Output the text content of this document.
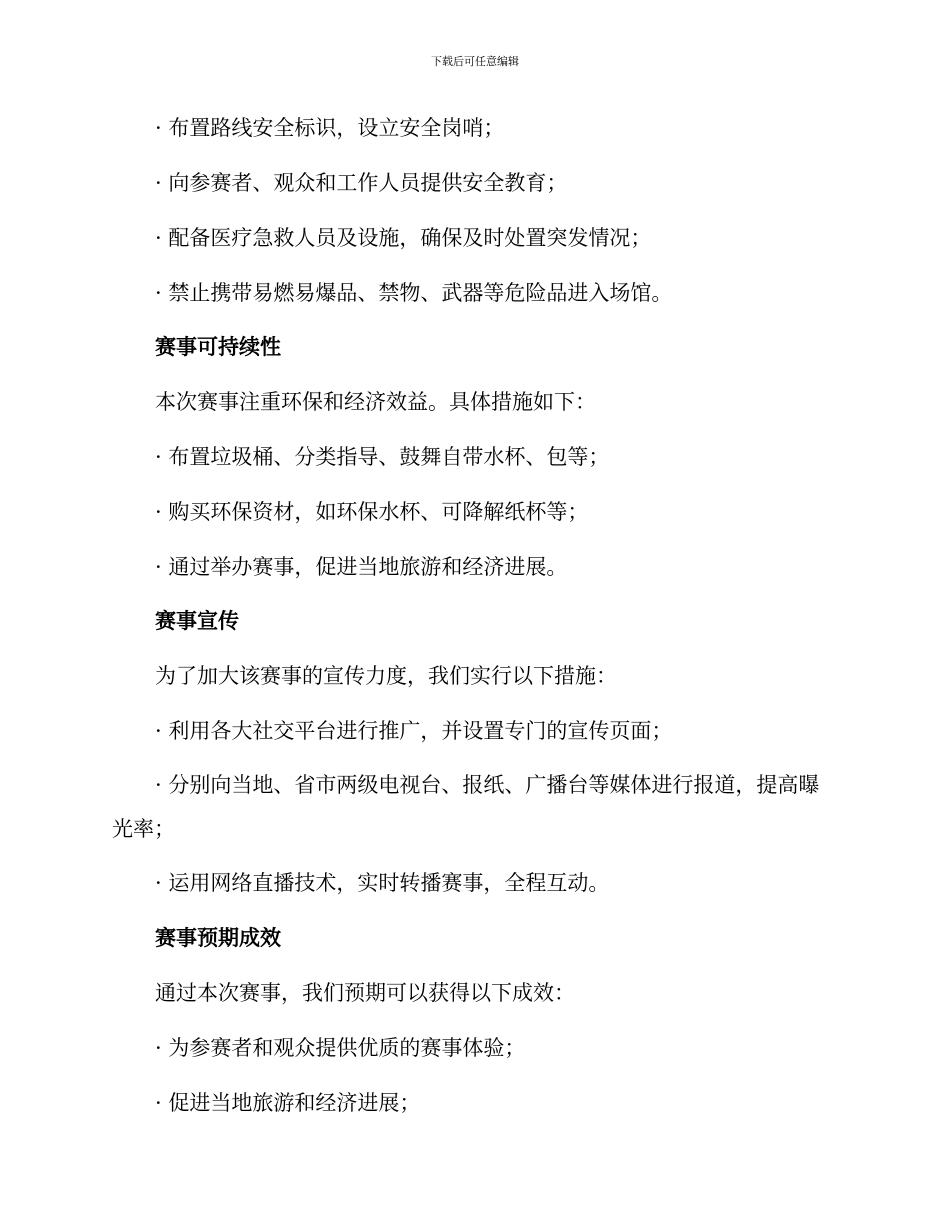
下载后可任意编辑
· 布置路线安全标识，设立安全岗哨；
· 向参赛者、观众和工作人员提供安全教育；
· 配备医疗急救人员及设施，确保及时处置突发情况；
· 禁止携带易燃易爆品、禁物、武器等危险品进入场馆。
赛事可持续性
本次赛事注重环保和经济效益。具体措施如下：
· 布置垃圾桶、分类指导、鼓舞自带水杯、包等；
· 购买环保资材，如环保水杯、可降解纸杯等；
· 通过举办赛事，促进当地旅游和经济进展。
赛事宣传
为了加大该赛事的宣传力度，我们实行以下措施：
· 利用各大社交平台进行推广，并设置专门的宣传页面；
· 分别向当地、省市两级电视台、报纸、广播台等媒体进行报道，提高曝光率；
· 运用网络直播技术，实时转播赛事，全程互动。
赛事预期成效
通过本次赛事，我们预期可以获得以下成效：
· 为参赛者和观众提供优质的赛事体验；
· 促进当地旅游和经济进展；
